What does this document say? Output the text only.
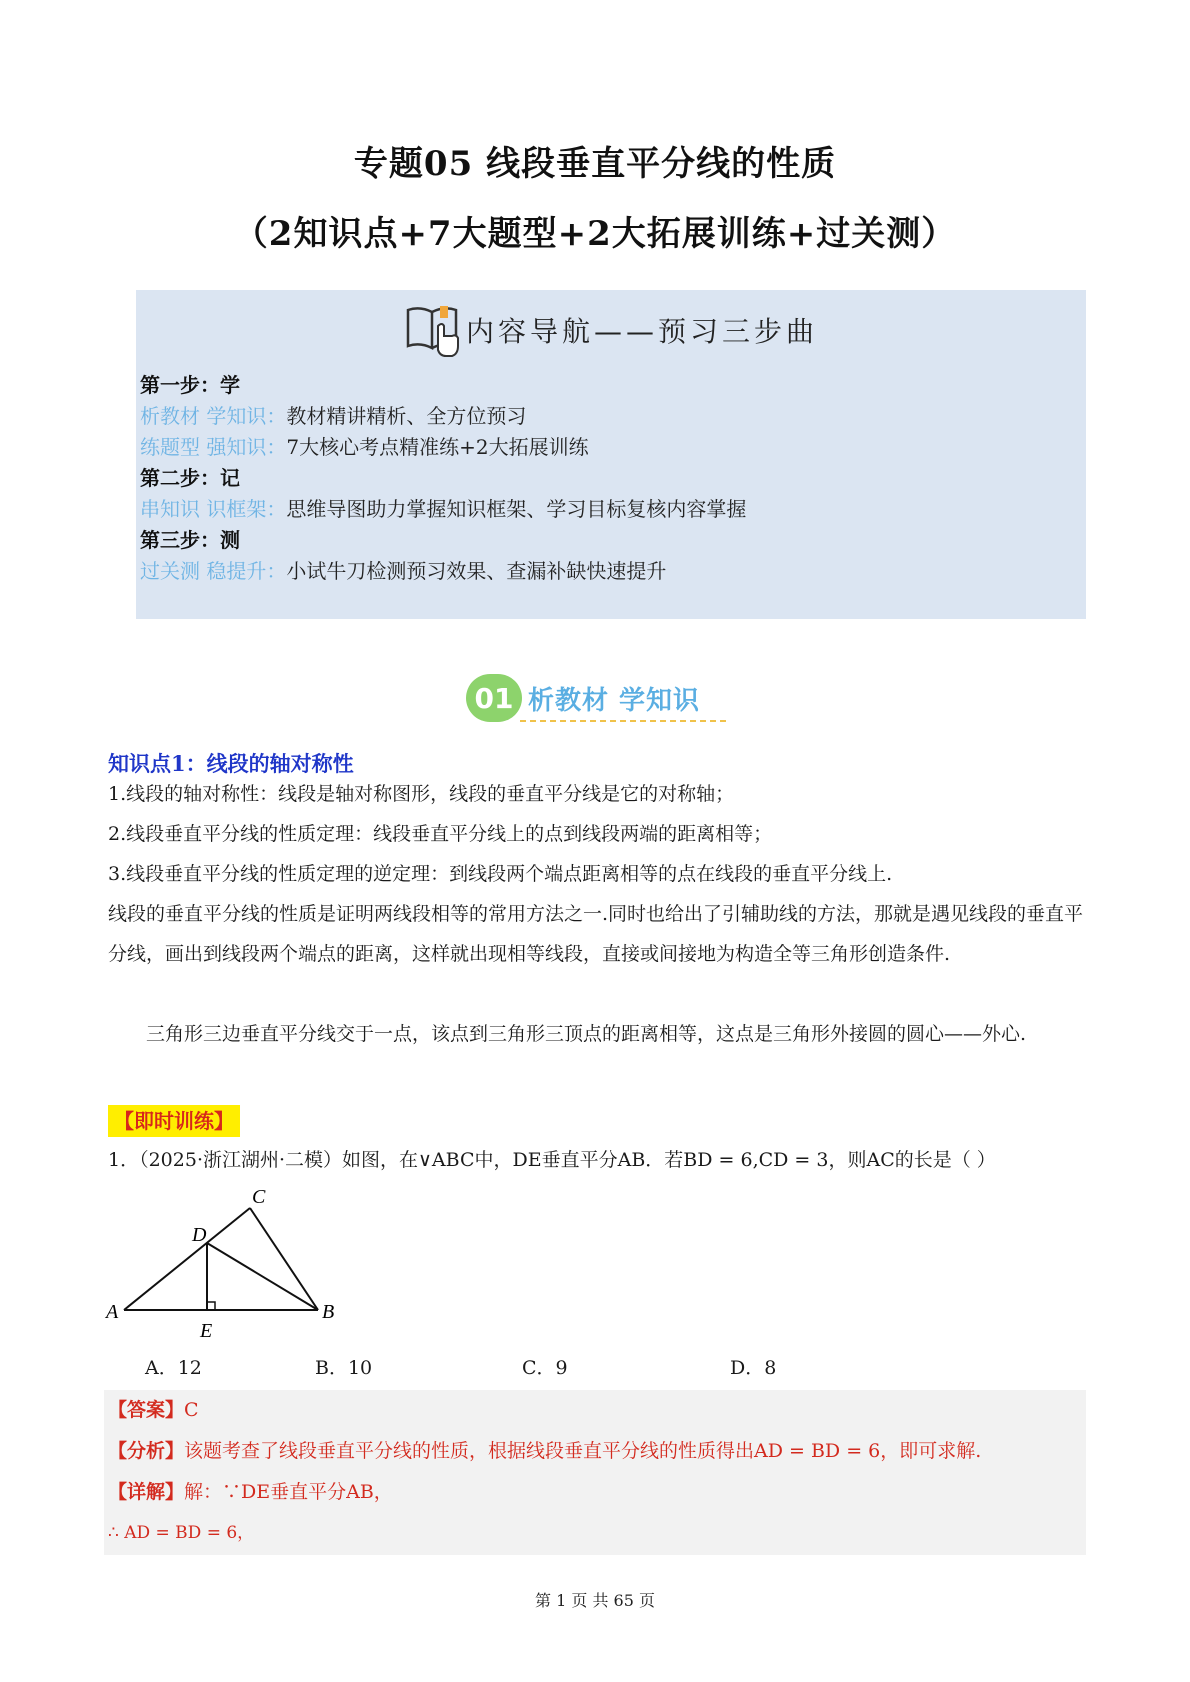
专题05 线段垂直平分线的性质
（2知识点+7大题型+2大拓展训练+过关测）
内容导航——预习三步曲
第一步：学
析教材 学知识：教材精讲精析、全方位预习
练题型 强知识：7大核心考点精准练+2大拓展训练
第二步：记
串知识 识框架：思维导图助力掌握知识框架、学习目标复核内容掌握
第三步：测
过关测 稳提升：小试牛刀检测预习效果、查漏补缺快速提升
01 析教材 学知识
知识点1：线段的轴对称性
1.线段的轴对称性：线段是轴对称图形，线段的垂直平分线是它的对称轴；
2.线段垂直平分线的性质定理：线段垂直平分线上的点到线段两端的距离相等；
3.线段垂直平分线的性质定理的逆定理：到线段两个端点距离相等的点在线段的垂直平分线上.
线段的垂直平分线的性质是证明两线段相等的常用方法之一.同时也给出了引辅助线的方法，那就是遇见线段的垂直平分线，画出到线段两个端点的距离，这样就出现相等线段，直接或间接地为构造全等三角形创造条件.
三角形三边垂直平分线交于一点，该点到三角形三顶点的距离相等，这点是三角形外接圆的圆心——外心.
【即时训练】
1．（2025·浙江湖州·二模）如图，在∨ABC中，DE垂直平分AB．若BD = 6,CD = 3，则AC的长是（ ）
C
D
A	B
E
A．12	B．10	C．9	D．8
【答案】C
【分析】该题考查了线段垂直平分线的性质，根据线段垂直平分线的性质得出AD = BD = 6，即可求解.
【详解】解：∵DE垂直平分AB，
∴ AD = BD = 6，
第 1 页 共 65 页
